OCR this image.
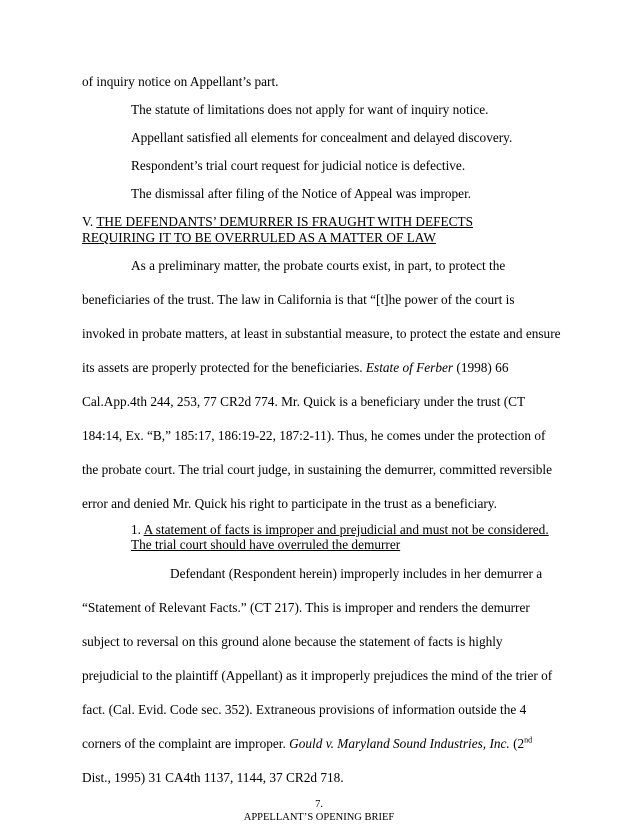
of inquiry notice on Appellant’s part.
The statute of limitations does not apply for want of inquiry notice.
Appellant satisfied all elements for concealment and delayed discovery.
Respondent’s trial court request for judicial notice is defective.
The dismissal after filing of the Notice of Appeal was improper.
V. THE DEFENDANTS’ DEMURRER IS FRAUGHT WITH DEFECTS
REQUIRING IT TO BE OVERRULED AS A MATTER OF LAW
As a preliminary matter, the probate courts exist, in part, to protect the
beneficiaries of the trust. The law in California is that “[t]he power of the court is
invoked in probate matters, at least in substantial measure, to protect the estate and ensure
its assets are properly protected for the beneficiaries. Estate of Ferber (1998) 66
Cal.App.4th 244, 253, 77 CR2d 774. Mr. Quick is a beneficiary under the trust (CT
184:14, Ex. “B,” 185:17, 186:19-22, 187:2-11). Thus, he comes under the protection of
the probate court. The trial court judge, in sustaining the demurrer, committed reversible
error and denied Mr. Quick his right to participate in the trust as a beneficiary.
1. A statement of facts is improper and prejudicial and must not be considered.
The trial court should have overruled the demurrer
Defendant (Respondent herein) improperly includes in her demurrer a
“Statement of Relevant Facts.” (CT 217). This is improper and renders the demurrer
subject to reversal on this ground alone because the statement of facts is highly
prejudicial to the plaintiff (Appellant) as it improperly prejudices the mind of the trier of
fact. (Cal. Evid. Code sec. 352). Extraneous provisions of information outside the 4
corners of the complaint are improper. Gould v. Maryland Sound Industries, Inc. (2nd
Dist., 1995) 31 CA4th 1137, 1144, 37 CR2d 718.
7.
APPELLANT’S OPENING BRIEF
